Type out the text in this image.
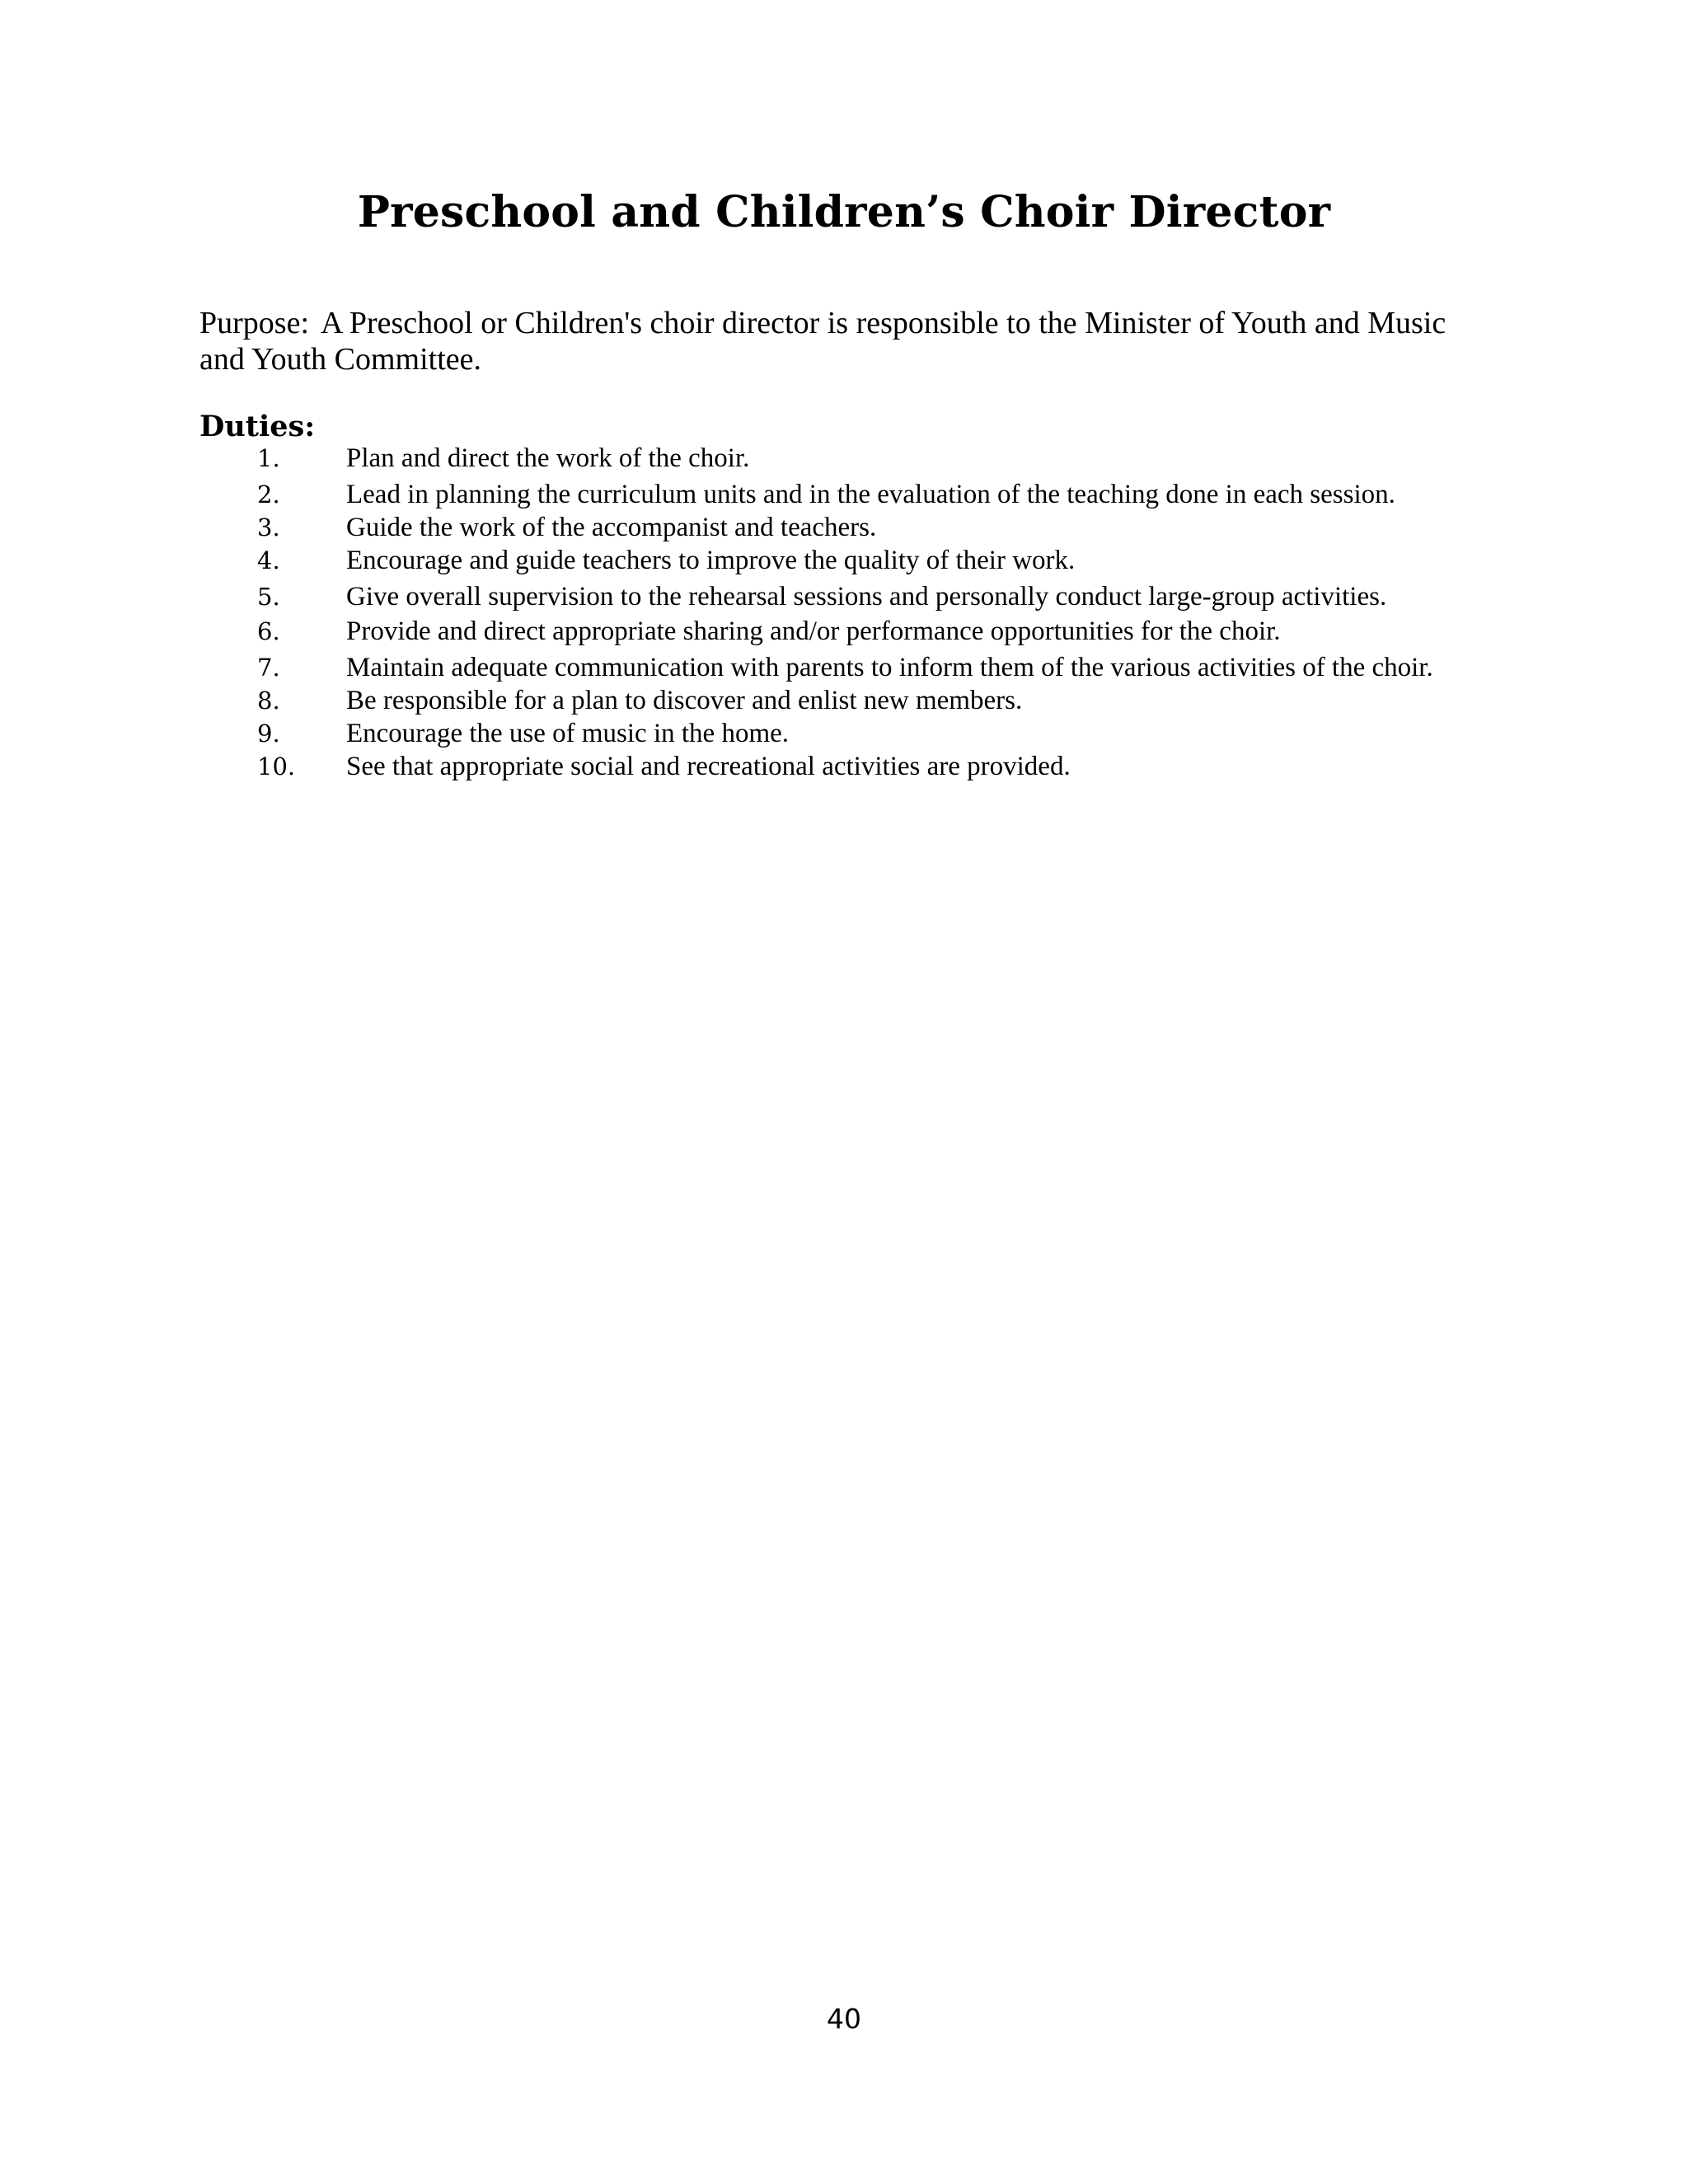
Preschool and Children’s Choir Director

Purpose: A Preschool or Children's choir director is responsible to the Minister of Youth and Music and Youth Committee.

Duties:
1.	Plan and direct the work of the choir.
2.	Lead in planning the curriculum units and in the evaluation of the teaching done in each session.
3.	Guide the work of the accompanist and teachers.
4.	Encourage and guide teachers to improve the quality of their work.
5.	Give overall supervision to the rehearsal sessions and personally conduct large-group activities.
6.	Provide and direct appropriate sharing and/or performance opportunities for the choir.
7.	Maintain adequate communication with parents to inform them of the various activities of the choir.
8.	Be responsible for a plan to discover and enlist new members.
9.	Encourage the use of music in the home.
10.	See that appropriate social and recreational activities are provided.

40
